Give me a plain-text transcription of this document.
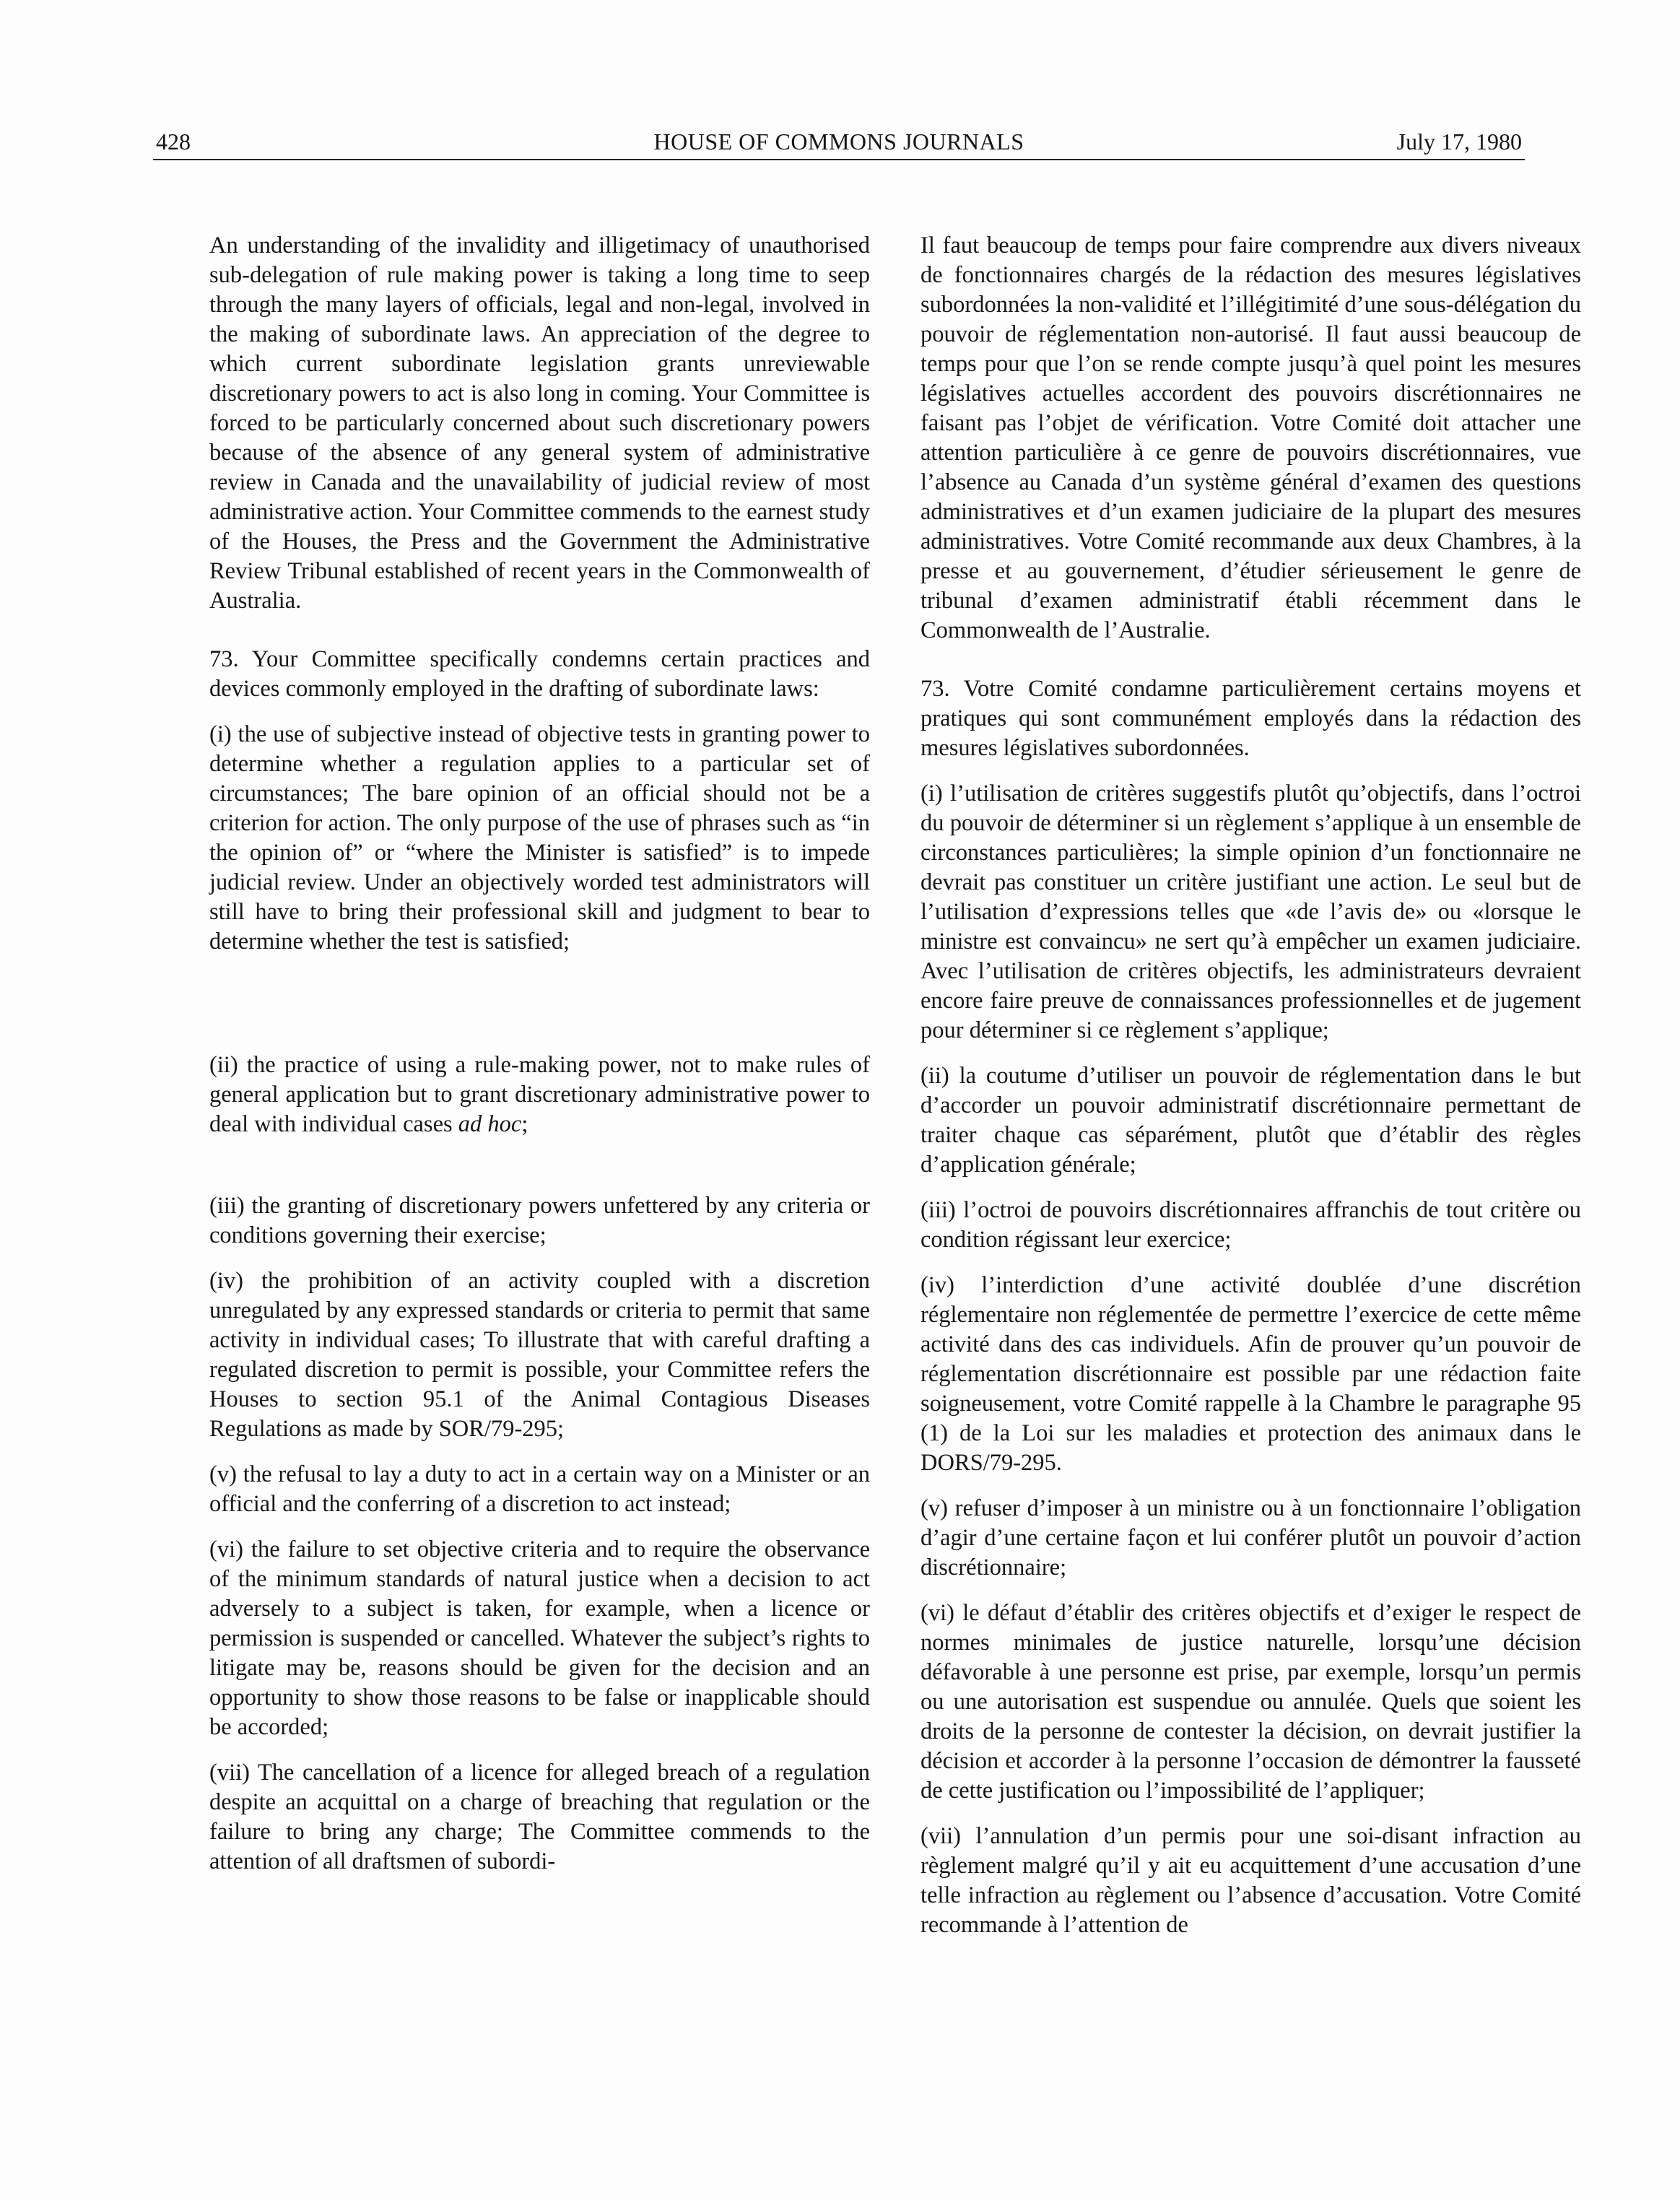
428	HOUSE OF COMMONS JOURNALS	July 17, 1980

An understanding of the invalidity and illigetimacy of unauthorised sub-delegation of rule making power is taking a long time to seep through the many layers of officials, legal and non-legal, involved in the making of subordinate laws. An appreciation of the degree to which current subordinate legislation grants unreviewable discretionary powers to act is also long in coming. Your Committee is forced to be particularly concerned about such discretionary powers because of the absence of any general system of administrative review in Canada and the unavailability of judicial review of most administrative action. Your Committee commends to the earnest study of the Houses, the Press and the Government the Administrative Review Tribunal established of recent years in the Commonwealth of Australia.

73. Your Committee specifically condemns certain practices and devices commonly employed in the drafting of subordinate laws:

(i) the use of subjective instead of objective tests in granting power to determine whether a regulation applies to a particular set of circumstances; The bare opinion of an official should not be a criterion for action. The only purpose of the use of phrases such as “in the opinion of” or “where the Minister is satisfied” is to impede judicial review. Under an objectively worded test administrators will still have to bring their professional skill and judgment to bear to determine whether the test is satisfied;

(ii) the practice of using a rule-making power, not to make rules of general application but to grant discretionary administrative power to deal with individual cases ad hoc;

(iii) the granting of discretionary powers unfettered by any criteria or conditions governing their exercise;

(iv) the prohibition of an activity coupled with a discretion unregulated by any expressed standards or criteria to permit that same activity in individual cases; To illustrate that with careful drafting a regulated discretion to permit is possible, your Committee refers the Houses to section 95.1 of the Animal Contagious Diseases Regulations as made by SOR/79-295;

(v) the refusal to lay a duty to act in a certain way on a Minister or an official and the conferring of a discretion to act instead;

(vi) the failure to set objective criteria and to require the observance of the minimum standards of natural justice when a decision to act adversely to a subject is taken, for example, when a licence or permission is suspended or cancelled. Whatever the subject’s rights to litigate may be, reasons should be given for the decision and an opportunity to show those reasons to be false or inapplicable should be accorded;

(vii) The cancellation of a licence for alleged breach of a regulation despite an acquittal on a charge of breaching that regulation or the failure to bring any charge; The Committee commends to the attention of all draftsmen of subordi-

Il faut beaucoup de temps pour faire comprendre aux divers niveaux de fonctionnaires chargés de la rédaction des mesures législatives subordonnées la non-validité et l’illégitimité d’une sous-délégation du pouvoir de réglementation non-autorisé. Il faut aussi beaucoup de temps pour que l’on se rende compte jusqu’à quel point les mesures législatives actuelles accordent des pouvoirs discrétionnaires ne faisant pas l’objet de vérification. Votre Comité doit attacher une attention particulière à ce genre de pouvoirs discrétionnaires, vue l’absence au Canada d’un système général d’examen des questions administratives et d’un examen judiciaire de la plupart des mesures administratives. Votre Comité recommande aux deux Chambres, à la presse et au gouvernement, d’étudier sérieusement le genre de tribunal d’examen administratif établi récemment dans le Commonwealth de l’Australie.

73. Votre Comité condamne particulièrement certains moyens et pratiques qui sont communément employés dans la rédaction des mesures législatives subordonnées.

(i) l’utilisation de critères suggestifs plutôt qu’objectifs, dans l’octroi du pouvoir de déterminer si un règlement s’applique à un ensemble de circonstances particulières; la simple opinion d’un fonctionnaire ne devrait pas constituer un critère justifiant une action. Le seul but de l’utilisation d’expressions telles que «de l’avis de» ou «lorsque le ministre est convaincu» ne sert qu’à empêcher un examen judiciaire. Avec l’utilisation de critères objectifs, les administrateurs devraient encore faire preuve de connaissances professionnelles et de jugement pour déterminer si ce règlement s’applique;

(ii) la coutume d’utiliser un pouvoir de réglementation dans le but d’accorder un pouvoir administratif discrétionnaire permettant de traiter chaque cas séparément, plutôt que d’établir des règles d’application générale;

(iii) l’octroi de pouvoirs discrétionnaires affranchis de tout critère ou condition régissant leur exercice;

(iv) l’interdiction d’une activité doublée d’une discrétion réglementaire non réglementée de permettre l’exercice de cette même activité dans des cas individuels. Afin de prouver qu’un pouvoir de réglementation discrétionnaire est possible par une rédaction faite soigneusement, votre Comité rappelle à la Chambre le paragraphe 95 (1) de la Loi sur les maladies et protection des animaux dans le DORS/79-295.

(v) refuser d’imposer à un ministre ou à un fonctionnaire l’obligation d’agir d’une certaine façon et lui conférer plutôt un pouvoir d’action discrétionnaire;

(vi) le défaut d’établir des critères objectifs et d’exiger le respect de normes minimales de justice naturelle, lorsqu’une décision défavorable à une personne est prise, par exemple, lorsqu’un permis ou une autorisation est suspendue ou annulée. Quels que soient les droits de la personne de contester la décision, on devrait justifier la décision et accorder à la personne l’occasion de démontrer la fausseté de cette justification ou l’impossibilité de l’appliquer;

(vii) l’annulation d’un permis pour une soi-disant infraction au règlement malgré qu’il y ait eu acquittement d’une accusation d’une telle infraction au règlement ou l’absence d’accusation. Votre Comité recommande à l’attention de
